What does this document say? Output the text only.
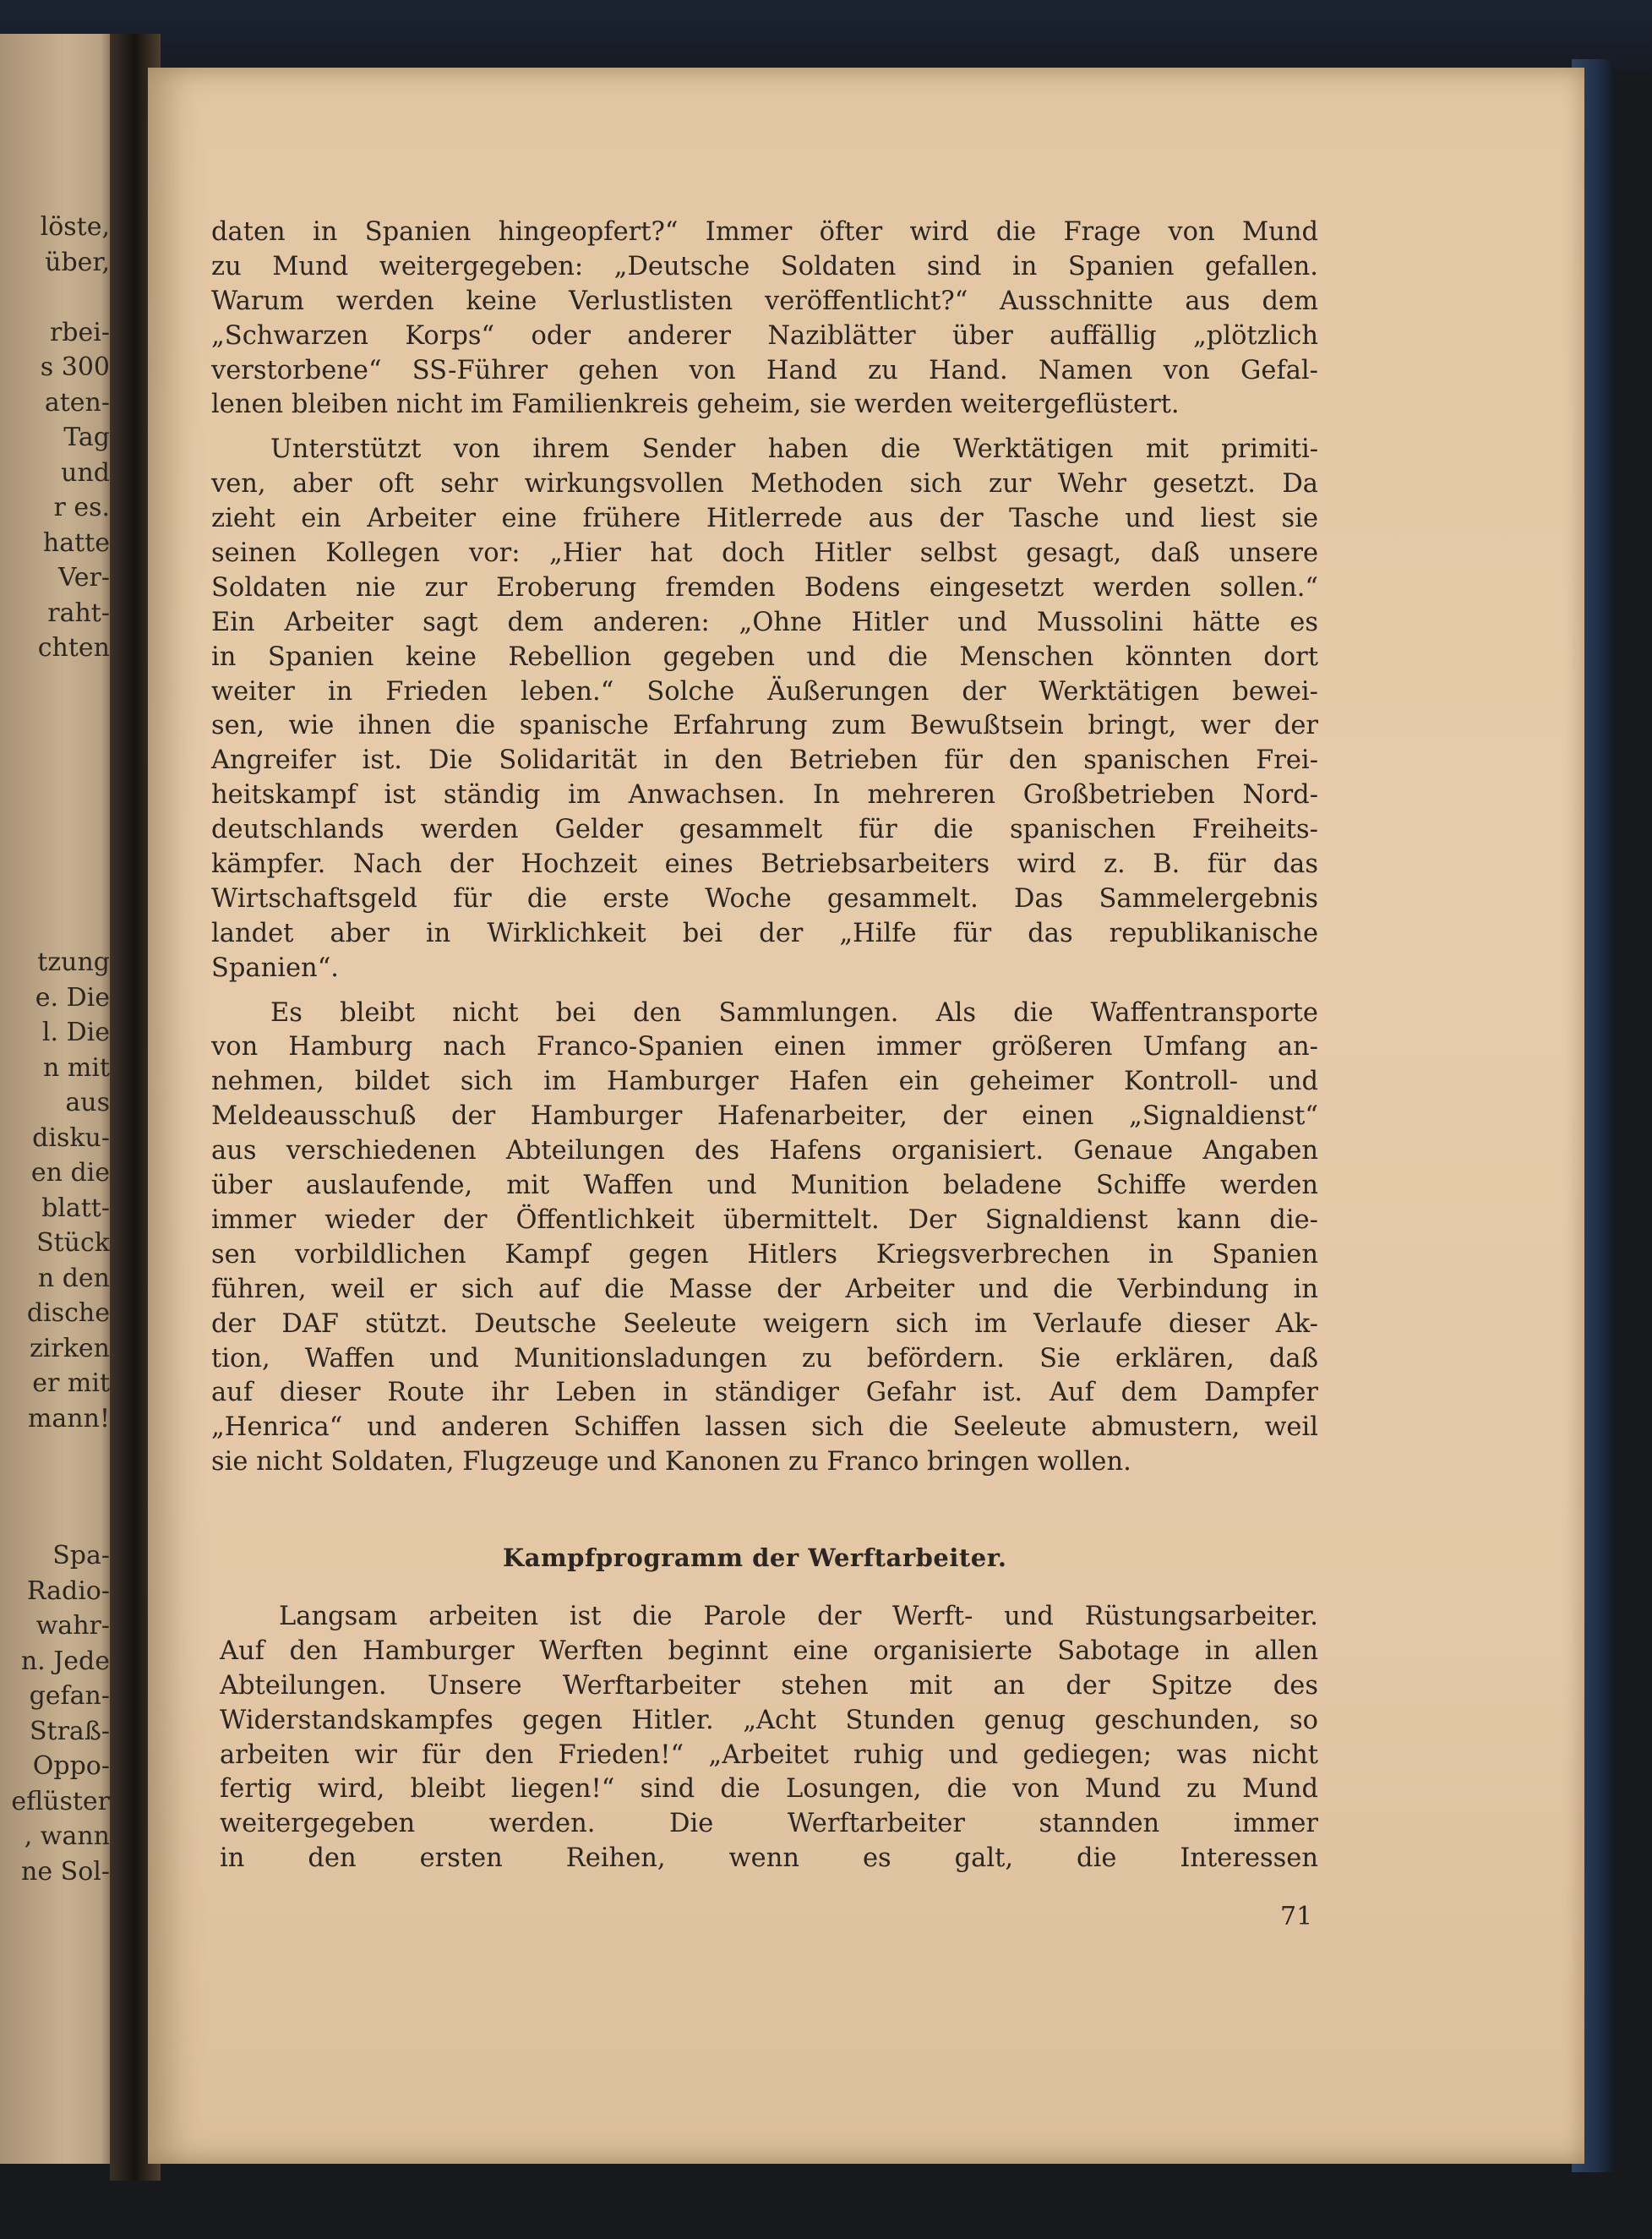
löste,
über,
rbei-
s 300
aten-
Tag
und
r es.
hatte
Ver-
raht-
chten
tzung
e. Die
l. Die
n mit
aus
disku-
en die
blatt-
Stück
n den
dische
zirken
er mit
mann!
Spa-
Radio-
wahr-
n. Jede
gefan-
Straß-
Oppo-
eflüster
, wann
ne Sol-
daten in Spanien hingeopfert?“ Immer öfter wird die Frage von Mund
zu Mund weitergegeben: „Deutsche Soldaten sind in Spanien gefallen.
Warum werden keine Verlustlisten veröffentlicht?“ Ausschnitte aus dem
„Schwarzen Korps“ oder anderer Naziblätter über auffällig „plötzlich
verstorbene“ SS-Führer gehen von Hand zu Hand. Namen von Gefal-
lenen bleiben nicht im Familienkreis geheim, sie werden weitergeflüstert.
Unterstützt von ihrem Sender haben die Werktätigen mit primiti-
ven, aber oft sehr wirkungsvollen Methoden sich zur Wehr gesetzt. Da
zieht ein Arbeiter eine frühere Hitlerrede aus der Tasche und liest sie
seinen Kollegen vor: „Hier hat doch Hitler selbst gesagt, daß unsere
Soldaten nie zur Eroberung fremden Bodens eingesetzt werden sollen.“
Ein Arbeiter sagt dem anderen: „Ohne Hitler und Mussolini hätte es
in Spanien keine Rebellion gegeben und die Menschen könnten dort
weiter in Frieden leben.“ Solche Äußerungen der Werktätigen bewei-
sen, wie ihnen die spanische Erfahrung zum Bewußtsein bringt, wer der
Angreifer ist. Die Solidarität in den Betrieben für den spanischen Frei-
heitskampf ist ständig im Anwachsen. In mehreren Großbetrieben Nord-
deutschlands werden Gelder gesammelt für die spanischen Freiheits-
kämpfer. Nach der Hochzeit eines Betriebsarbeiters wird z. B. für das
Wirtschaftsgeld für die erste Woche gesammelt. Das Sammelergebnis
landet aber in Wirklichkeit bei der „Hilfe für das republikanische
Spanien“.
Es bleibt nicht bei den Sammlungen. Als die Waffentransporte
von Hamburg nach Franco-Spanien einen immer größeren Umfang an-
nehmen, bildet sich im Hamburger Hafen ein geheimer Kontroll- und
Meldeausschuß der Hamburger Hafenarbeiter, der einen „Signaldienst“
aus verschiedenen Abteilungen des Hafens organisiert. Genaue Angaben
über auslaufende, mit Waffen und Munition beladene Schiffe werden
immer wieder der Öffentlichkeit übermittelt. Der Signaldienst kann die-
sen vorbildlichen Kampf gegen Hitlers Kriegsverbrechen in Spanien
führen, weil er sich auf die Masse der Arbeiter und die Verbindung in
der DAF stützt. Deutsche Seeleute weigern sich im Verlaufe dieser Ak-
tion, Waffen und Munitionsladungen zu befördern. Sie erklären, daß
auf dieser Route ihr Leben in ständiger Gefahr ist. Auf dem Dampfer
„Henrica“ und anderen Schiffen lassen sich die Seeleute abmustern, weil
sie nicht Soldaten, Flugzeuge und Kanonen zu Franco bringen wollen.
Kampfprogramm der Werftarbeiter.
Langsam arbeiten ist die Parole der Werft- und Rüstungsarbeiter.
Auf den Hamburger Werften beginnt eine organisierte Sabotage in allen
Abteilungen. Unsere Werftarbeiter stehen mit an der Spitze des
Widerstandskampfes gegen Hitler. „Acht Stunden genug geschunden, so
arbeiten wir für den Frieden!“ „Arbeitet ruhig und gediegen; was nicht
fertig wird, bleibt liegen!“ sind die Losungen, die von Mund zu Mund
weitergegeben werden. Die Werftarbeiter stannden immer
in den ersten Reihen, wenn es galt, die Interessen
71
